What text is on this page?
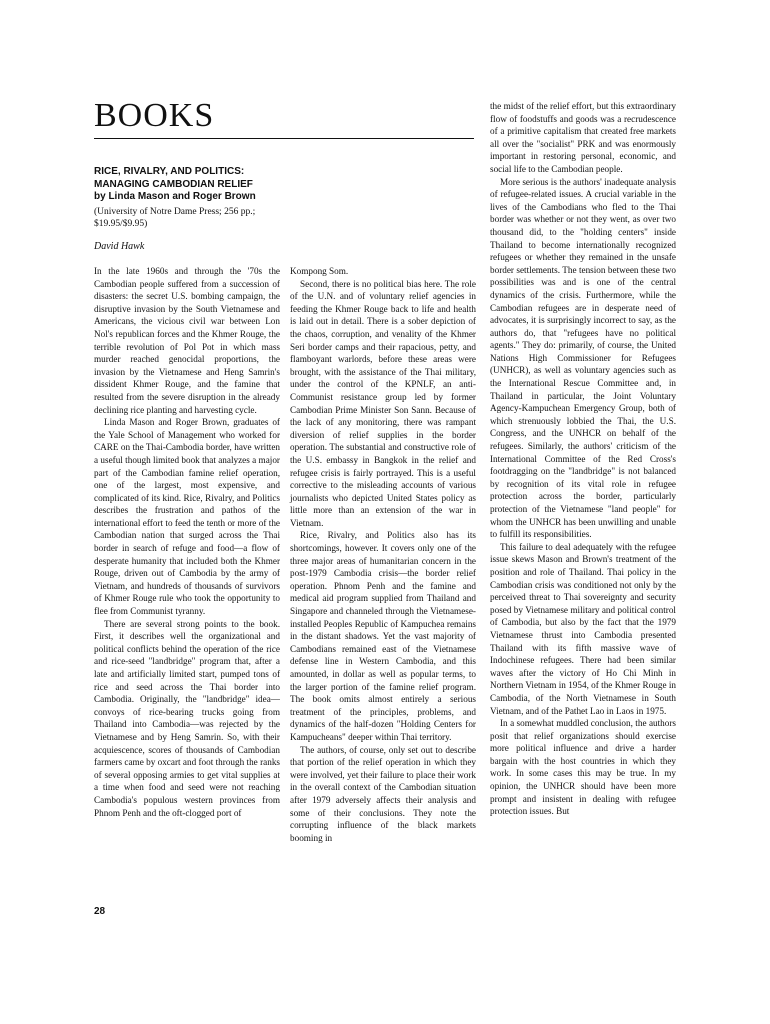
BOOKS
RICE, RIVALRY, AND POLITICS:
MANAGING CAMBODIAN RELIEF
by Linda Mason and Roger Brown
(University of Notre Dame Press; 256 pp.;
$19.95/$9.95)
David Hawk

In the late 1960s and through the '70s the Cambodian people suffered from a succession of disasters: the secret U.S. bombing campaign, the disruptive invasion by the South Vietnamese and Americans, the vicious civil war between Lon Nol's republican forces and the Khmer Rouge, the terrible revolution of Pol Pot in which mass murder reached genocidal proportions, the invasion by the Vietnamese and Heng Samrin's dissident Khmer Rouge, and the famine that resulted from the severe disruption in the already declining rice planting and harvesting cycle.

Linda Mason and Roger Brown, graduates of the Yale School of Management who worked for CARE on the Thai-Cambodia border, have written a useful though limited book that analyzes a major part of the Cambodian famine relief operation, one of the largest, most expensive, and complicated of its kind. Rice, Rivalry, and Politics describes the frustration and pathos of the international effort to feed the tenth or more of the Cambodian nation that surged across the Thai border in search of refuge and food—a flow of desperate humanity that included both the Khmer Rouge, driven out of Cambodia by the army of Vietnam, and hundreds of thousands of survivors of Khmer Rouge rule who took the opportunity to flee from Communist tyranny.

There are several strong points to the book. First, it describes well the organizational and political conflicts behind the operation of the rice and rice-seed "landbridge" program that, after a late and artificially limited start, pumped tons of rice and seed across the Thai border into Cambodia. Originally, the "landbridge" idea—convoys of rice-bearing trucks going from Thailand into Cambodia—was rejected by the Vietnamese and by Heng Samrin. So, with their acquiescence, scores of thousands of Cambodian farmers came by oxcart and foot through the ranks of several opposing armies to get vital supplies at a time when food and seed were not reaching Cambodia's populous western provinces from Phnom Penh and the oft-clogged port of

Kompong Som.

Second, there is no political bias here. The role of the U.N. and of voluntary relief agencies in feeding the Khmer Rouge back to life and health is laid out in detail. There is a sober depiction of the chaos, corruption, and venality of the Khmer Seri border camps and their rapacious, petty, and flamboyant warlords, before these areas were brought, with the assistance of the Thai military, under the control of the KPNLF, an anti-Communist resistance group led by former Cambodian Prime Minister Son Sann. Because of the lack of any monitoring, there was rampant diversion of relief supplies in the border operation. The substantial and constructive role of the U.S. embassy in Bangkok in the relief and refugee crisis is fairly portrayed. This is a useful corrective to the misleading accounts of various journalists who depicted United States policy as little more than an extension of the war in Vietnam.

Rice, Rivalry, and Politics also has its shortcomings, however. It covers only one of the three major areas of humanitarian concern in the post-1979 Cambodia crisis—the border relief operation. Phnom Penh and the famine and medical aid program supplied from Thailand and Singapore and channeled through the Vietnamese-installed Peoples Republic of Kampuchea remains in the distant shadows. Yet the vast majority of Cambodians remained east of the Vietnamese defense line in Western Cambodia, and this amounted, in dollar as well as popular terms, to the larger portion of the famine relief program. The book omits almost entirely a serious treatment of the principles, problems, and dynamics of the half-dozen "Holding Centers for Kampucheans" deeper within Thai territory.

The authors, of course, only set out to describe that portion of the relief operation in which they were involved, yet their failure to place their work in the overall context of the Cambodian situation after 1979 adversely affects their analysis and some of their conclusions. They note the corrupting influence of the black markets booming in

the midst of the relief effort, but this extraordinary flow of foodstuffs and goods was a recrudescence of a primitive capitalism that created free markets all over the "socialist" PRK and was enormously important in restoring personal, economic, and social life to the Cambodian people.

More serious is the authors' inadequate analysis of refugee-related issues. A crucial variable in the lives of the Cambodians who fled to the Thai border was whether or not they went, as over two thousand did, to the "holding centers" inside Thailand to become internationally recognized refugees or whether they remained in the unsafe border settlements. The tension between these two possibilities was and is one of the central dynamics of the crisis. Furthermore, while the Cambodian refugees are in desperate need of advocates, it is surprisingly incorrect to say, as the authors do, that "refugees have no political agents." They do: primarily, of course, the United Nations High Commissioner for Refugees (UNHCR), as well as voluntary agencies such as the International Rescue Committee and, in Thailand in particular, the Joint Voluntary Agency-Kampuchean Emergency Group, both of which strenuously lobbied the Thai, the U.S. Congress, and the UNHCR on behalf of the refugees. Similarly, the authors' criticism of the International Committee of the Red Cross's footdragging on the "landbridge" is not balanced by recognition of its vital role in refugee protection across the border, particularly protection of the Vietnamese "land people" for whom the UNHCR has been unwilling and unable to fulfill its responsibilities.

This failure to deal adequately with the refugee issue skews Mason and Brown's treatment of the position and role of Thailand. Thai policy in the Cambodian crisis was conditioned not only by the perceived threat to Thai sovereignty and security posed by Vietnamese military and political control of Cambodia, but also by the fact that the 1979 Vietnamese thrust into Cambodia presented Thailand with its fifth massive wave of Indochinese refugees. There had been similar waves after the victory of Ho Chi Minh in Northern Vietnam in 1954, of the Khmer Rouge in Cambodia, of the North Vietnamese in South Vietnam, and of the Pathet Lao in Laos in 1975.

In a somewhat muddled conclusion, the authors posit that relief organizations should exercise more political influence and drive a harder bargain with the host countries in which they work. In some cases this may be true. In my opinion, the UNHCR should have been more prompt and insistent in dealing with refugee protection issues. But

28
